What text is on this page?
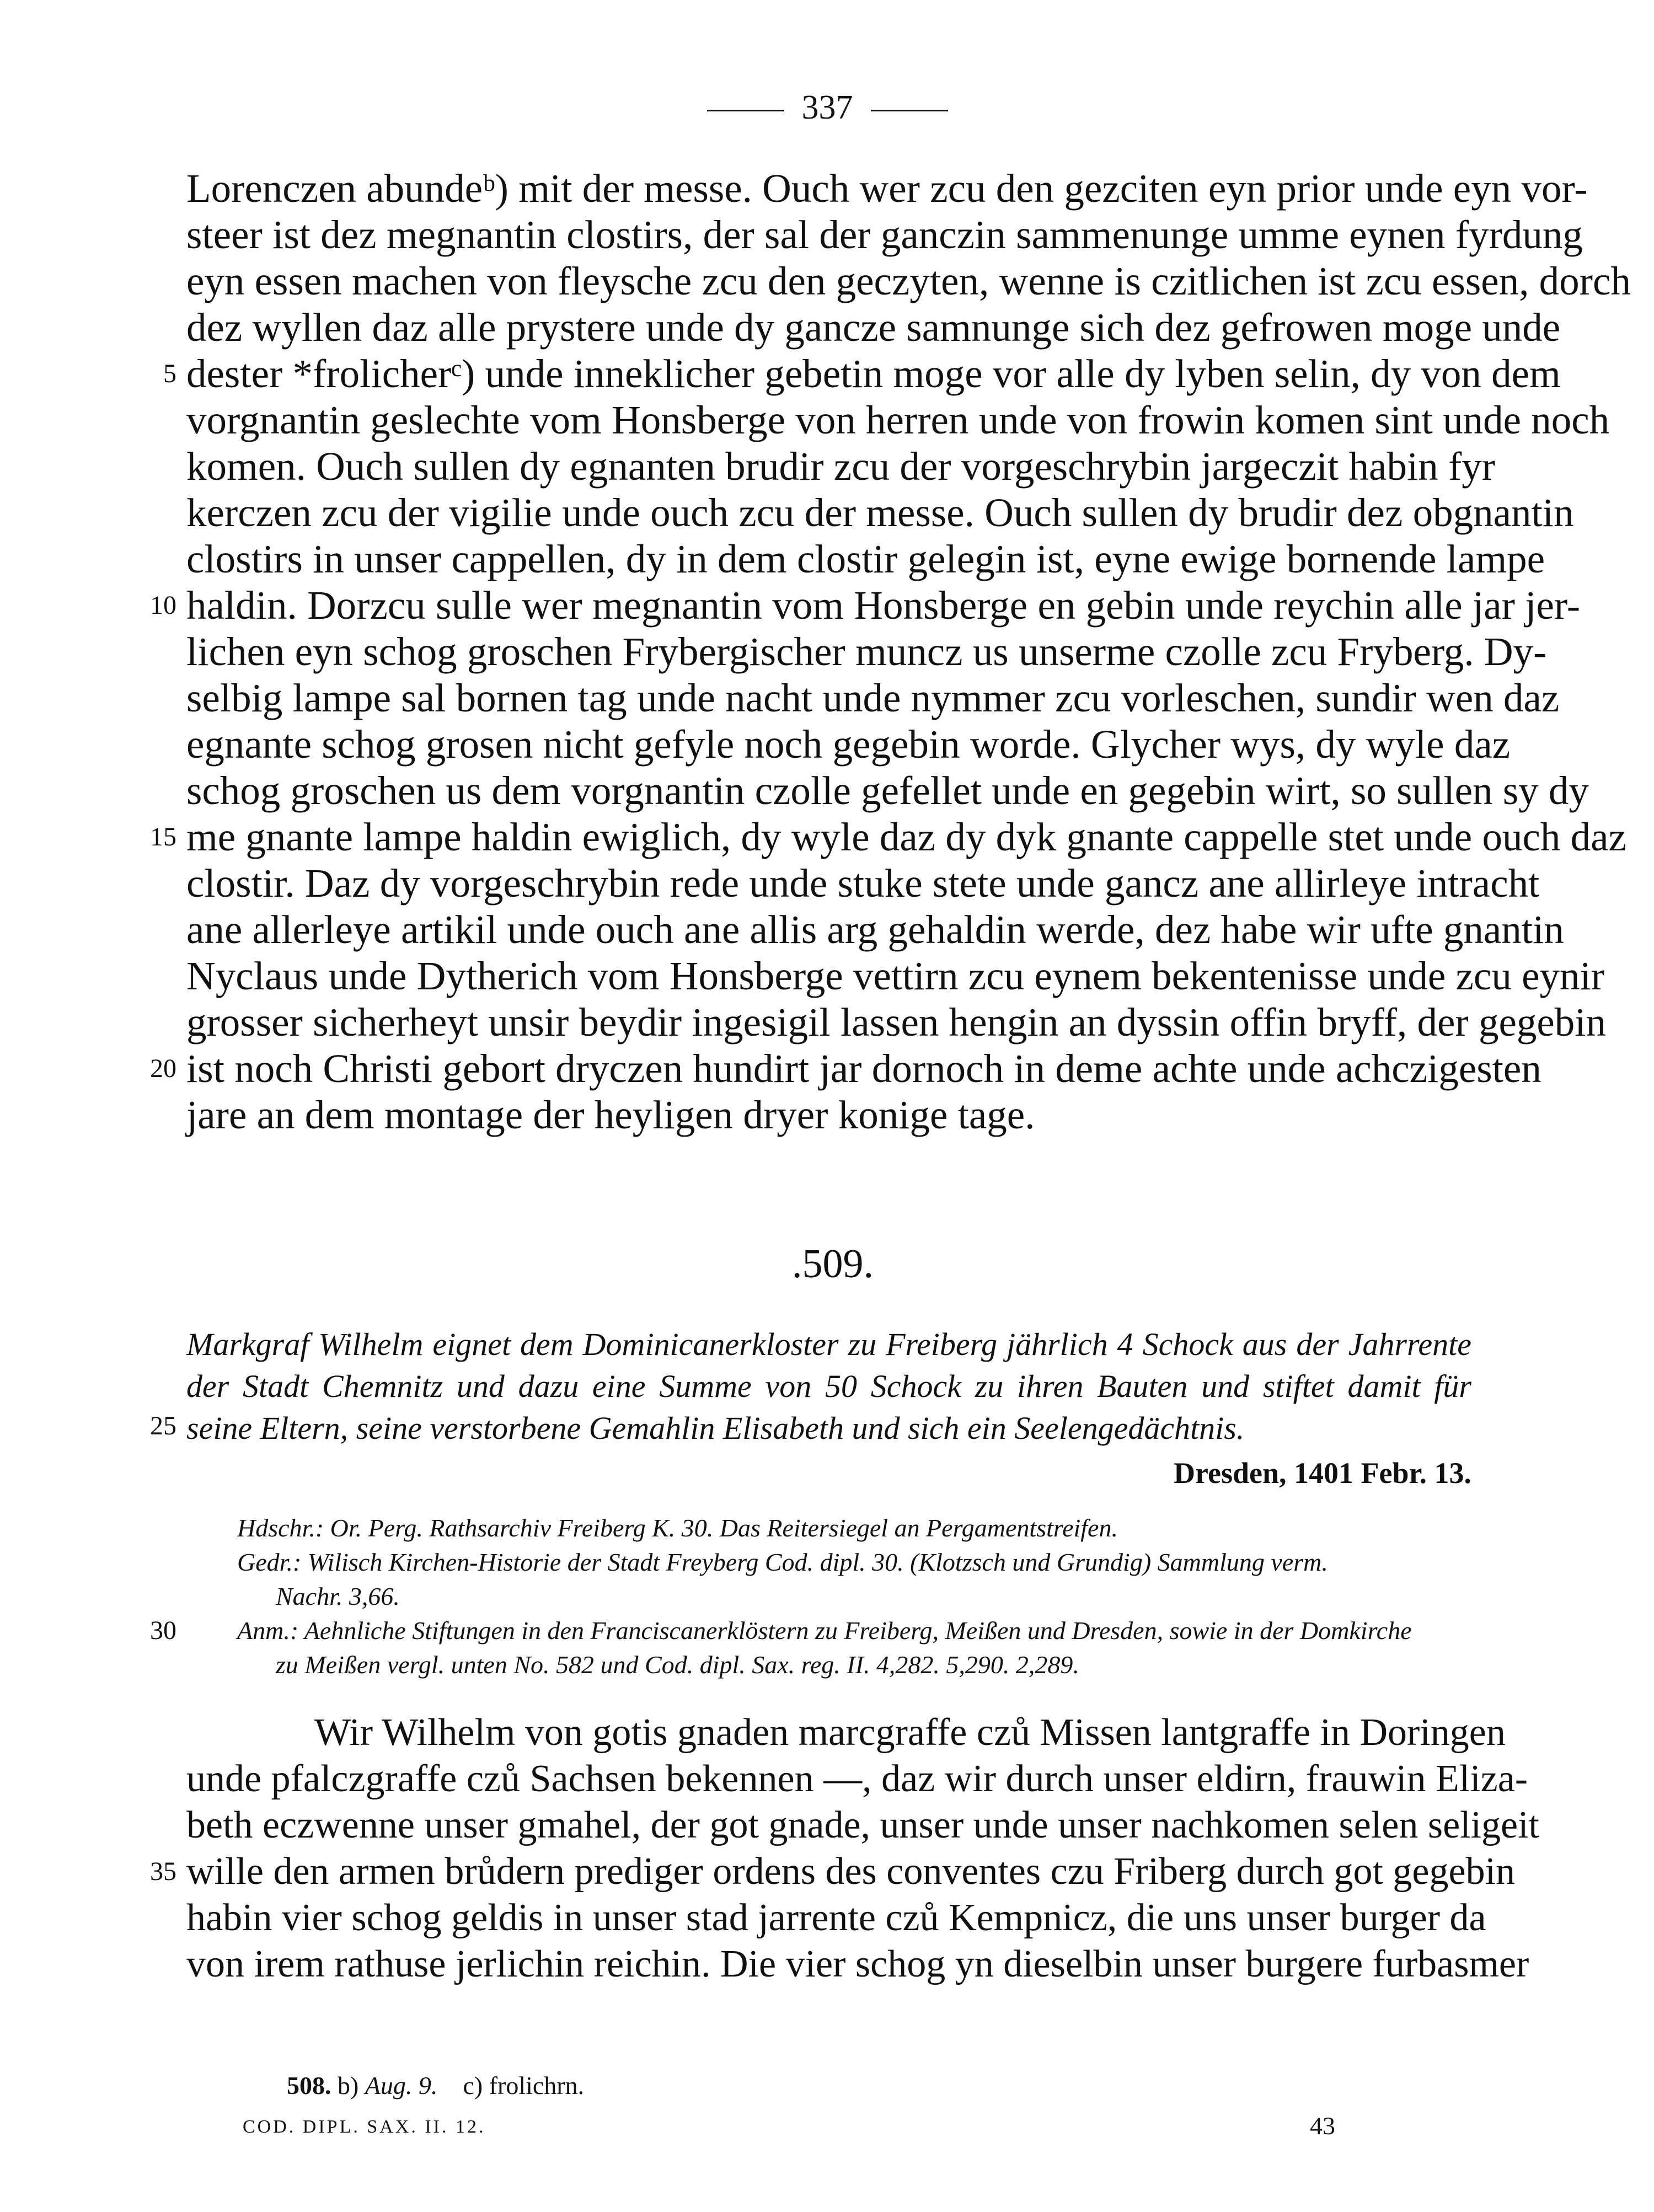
337
Lorenczen abundeᵇ) mit der messe. Ouch wer zcu den gezciten eyn prior unde eyn vor-
steer ist dez megnantin clostirs, der sal der ganczin sammenunge umme eynen fyrdung
eyn essen machen von fleysche zcu den geczyten, wenne is czitlichen ist zcu essen, dorch
dez wyllen daz alle prystere unde dy gancze samnunge sich dez gefrowen moge unde
dester *frolicherᶜ) unde innekliсher gebetin moge vor alle dy lyben selin, dy von dem
vorgnantin geslechte vom Honsberge von herren unde von frowin komen sint unde noch
komen. Ouch sullen dy egnanten brudir zcu der vorgeschrybin jargeczit habin fyr
kerczen zcu der vigilie unde ouch zcu der messe. Ouch sullen dy brudir dez obgnantin
clostirs in unser cappellen, dy in dem clostir gelegin ist, eyne ewige bornende lampe
haldin. Dorzcu sulle wer megnantin vom Honsberge en gebin unde reychin alle jar jer-
lichen eyn schog groschen Frybergischer muncz us unserme czolle zcu Fryberg. Dy-
selbig lampe sal bornen tag unde nacht unde nymmer zcu vorleschen, sundir wen daz
egnante schog grosen nicht gefyle noch gegebin worde. Glycher wys, dy wyle daz
schog groschen us dem vorgnantin czolle gefellet unde en gegebin wirt, so sullen sy dy
me gnante lampe haldin ewiglich, dy wyle daz dy dyk gnante cappelle stet unde ouch daz
clostir. Daz dy vorgeschrybin rede unde stuke stete unde gancz ane allirleye intracht
ane allerleye artikil unde ouch ane allis arg gehaldin werde, dez habe wir ufte gnantin
Nyclaus unde Dytherich vom Honsberge vettirn zcu eynem bekentenisse unde zcu eynir
grosser sicherheyt unsir beydir ingesigil lassen hengin an dyssin offin bryff, der gegebin
ist noch Christi gebort dryczen hundirt jar dornoch in deme achte unde achczigesten
jare an dem montage der heyligen dryer konige tage.
5
10
15
20
.509.
Markgraf Wilhelm eignet dem Dominicanerkloster zu Freiberg jährlich 4 Schock aus der Jahrrente
der Stadt Chemnitz und dazu eine Summe von 50 Schock zu ihren Bauten und stiftet damit für
seine Eltern, seine verstorbene Gemahlin Elisabeth und sich ein Seelengedächtnis.
25
Dresden, 1401 Febr. 13.
Hdschr.: Or. Perg. Rathsarchiv Freiberg K. 30. Das Reitersiegel an Pergamentstreifen.
Gedr.: Wilisch Kirchen-Historie der Stadt Freyberg Cod. dipl. 30. (Klotzsch und Grundig) Sammlung verm.
Nachr. 3,66.
Anm.: Aehnliche Stiftungen in den Franciscanerklöstern zu Freiberg, Meißen und Dresden, sowie in der Domkirche
zu Meißen vergl. unten No. 582 und Cod. dipl. Sax. reg. II. 4,282. 5,290. 2,289.
30
Wir Wilhelm von gotis gnaden marcgraffe czů Missen lantgraffe in Doringen
unde pfalczgraffe czů Sachsen bekennen —, daz wir durch unser eldirn, frauwin Eliza-
beth eczwenne unser gmahel, der got gnade, unser unde unser nachkomen selen seligeit
wille den armen brůdern prediger ordens des conventes czu Friberg durch got gegebin
habin vier schog geldis in unser stad jarrente czů Kempnicz, die uns unser burger da
von irem rathuse jerlichin reichin. Die vier schog yn dieselbin unser burgere furbasmer
35
508. b) Aug. 9. c) frolichrn.
COD. DIPL. SAX. II. 12.	43
